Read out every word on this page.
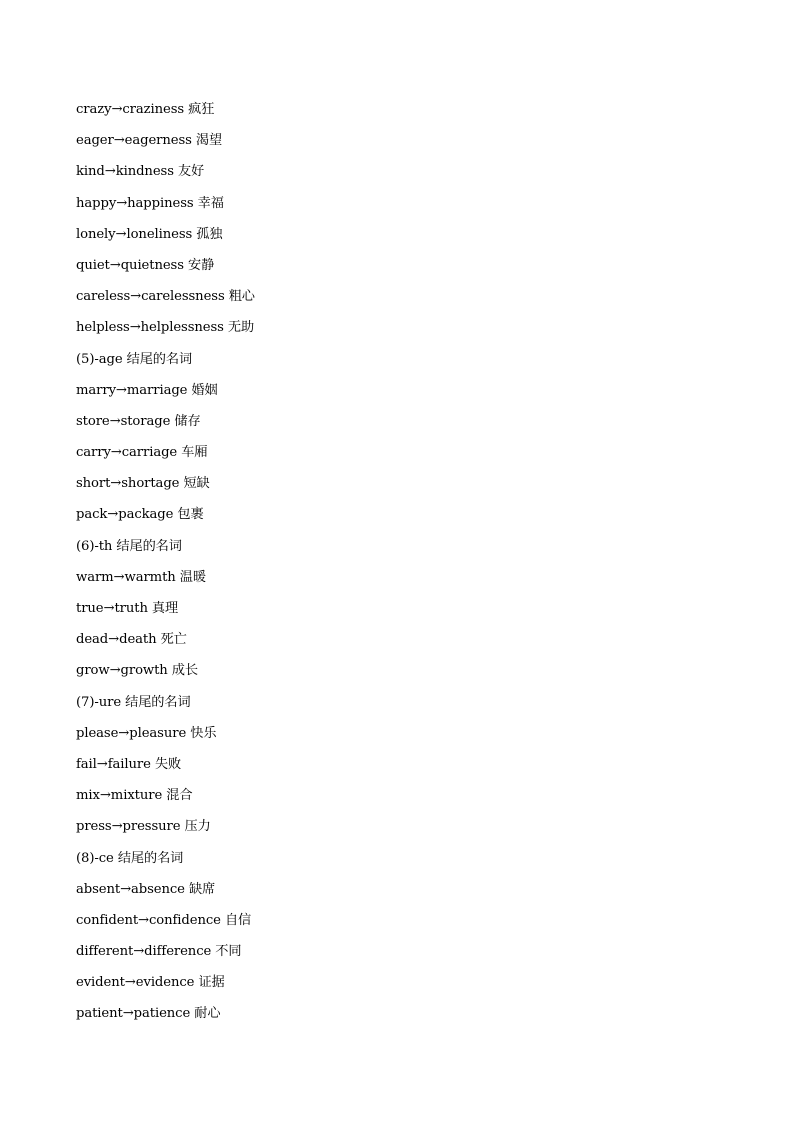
crazy→craziness 疯狂
eager→eagerness 渴望
kind→kindness 友好
happy→happiness 幸福
lonely→loneliness 孤独
quiet→quietness 安静
careless→carelessness 粗心
helpless→helplessness 无助
(5)-age 结尾的名词
marry→marriage 婚姻
store→storage 储存
carry→carriage 车厢
short→shortage 短缺
pack→package 包裹
(6)-th 结尾的名词
warm→warmth 温暖
true→truth 真理
dead→death 死亡
grow→growth 成长
(7)-ure 结尾的名词
please→pleasure 快乐
fail→failure 失败
mix→mixture 混合
press→pressure 压力
(8)-ce 结尾的名词
absent→absence 缺席
confident→confidence 自信
different→difference 不同
evident→evidence 证据
patient→patience 耐心
